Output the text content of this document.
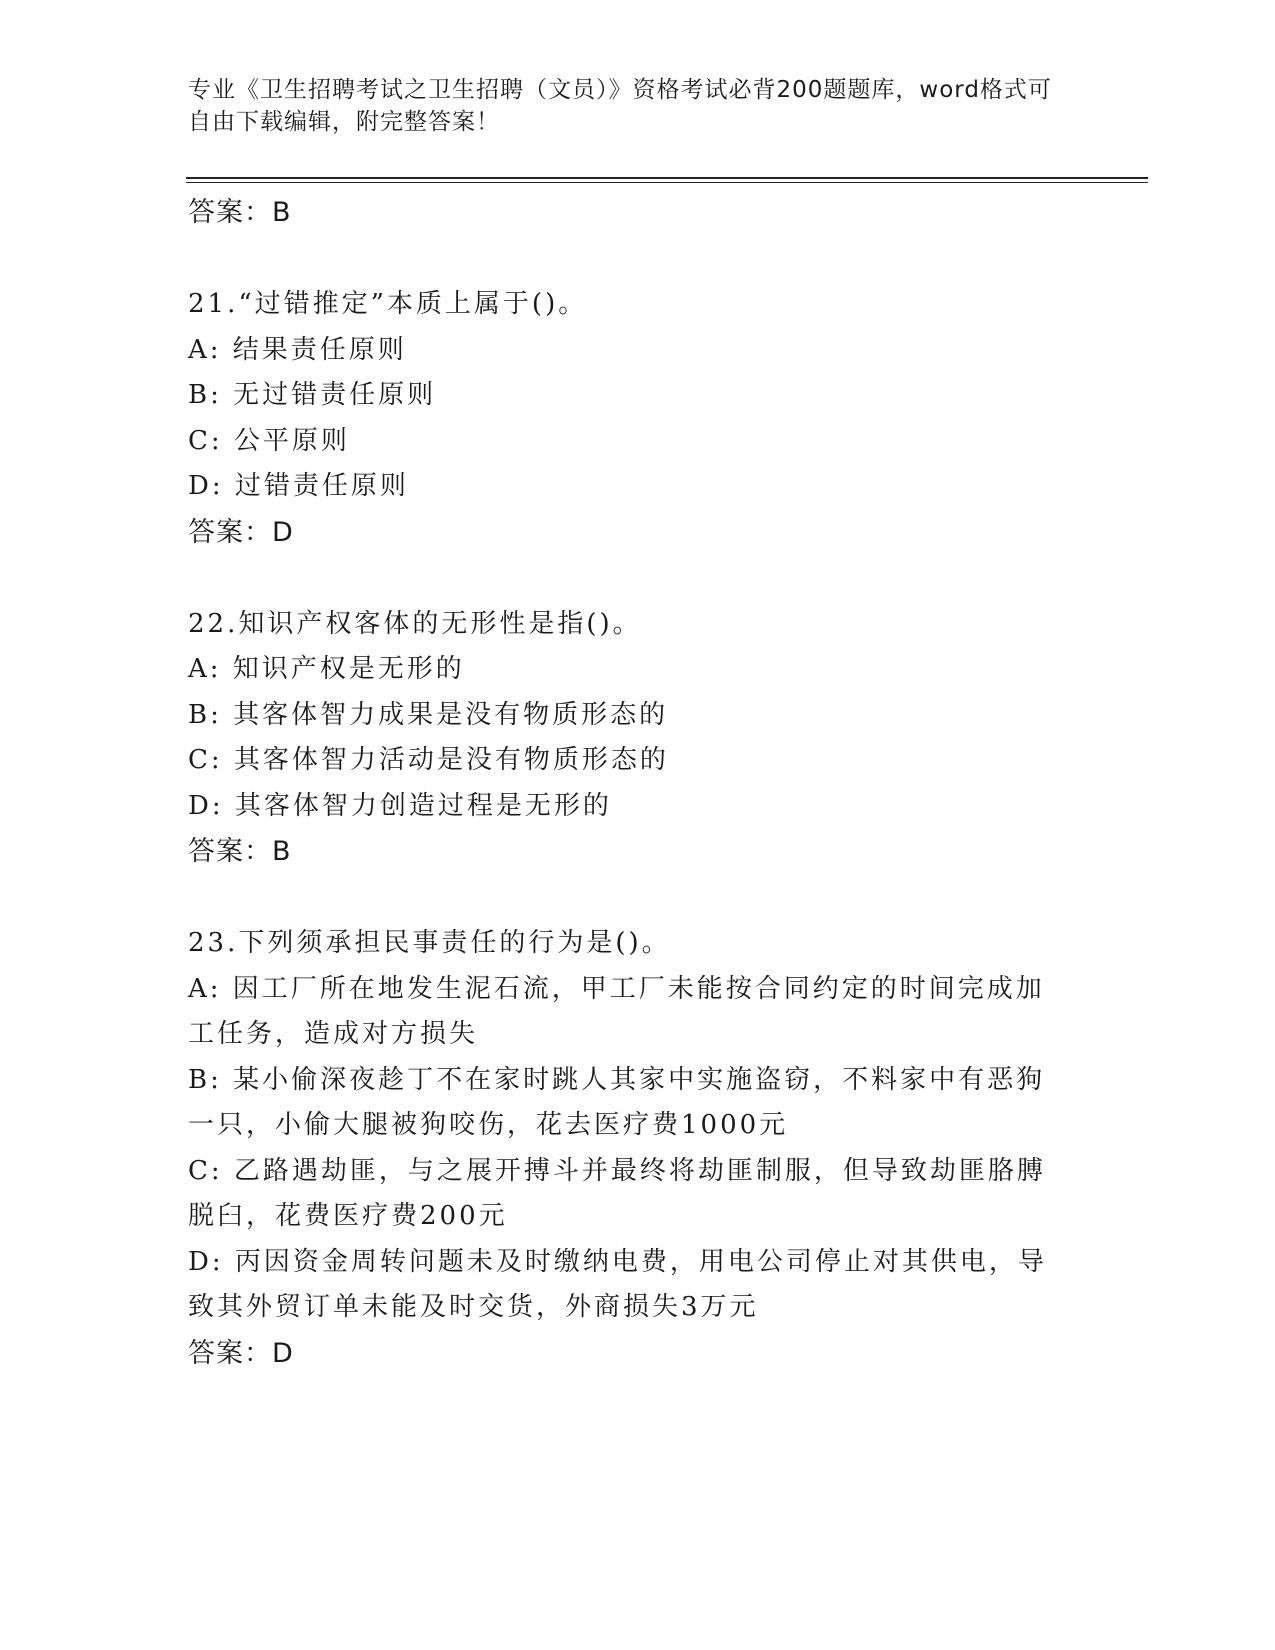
专业《卫生招聘考试之卫生招聘（文员）》资格考试必背200题题库，word格式可自由下载编辑，附完整答案！
答案：B
21.“过错推定”本质上属于()。
A: 结果责任原则
B: 无过错责任原则
C: 公平原则
D: 过错责任原则
答案：D
22.知识产权客体的无形性是指()。
A: 知识产权是无形的
B: 其客体智力成果是没有物质形态的
C: 其客体智力活动是没有物质形态的
D: 其客体智力创造过程是无形的
答案：B
23.下列须承担民事责任的行为是()。
A: 因工厂所在地发生泥石流，甲工厂未能按合同约定的时间完成加工任务，造成对方损失
B: 某小偷深夜趁丁不在家时跳人其家中实施盗窃，不料家中有恶狗一只，小偷大腿被狗咬伤，花去医疗费1000元
C: 乙路遇劫匪，与之展开搏斗并最终将劫匪制服，但导致劫匪胳膊脱臼，花费医疗费200元
D: 丙因资金周转问题未及时缴纳电费，用电公司停止对其供电，导致其外贸订单未能及时交货，外商损失3万元
答案：D
